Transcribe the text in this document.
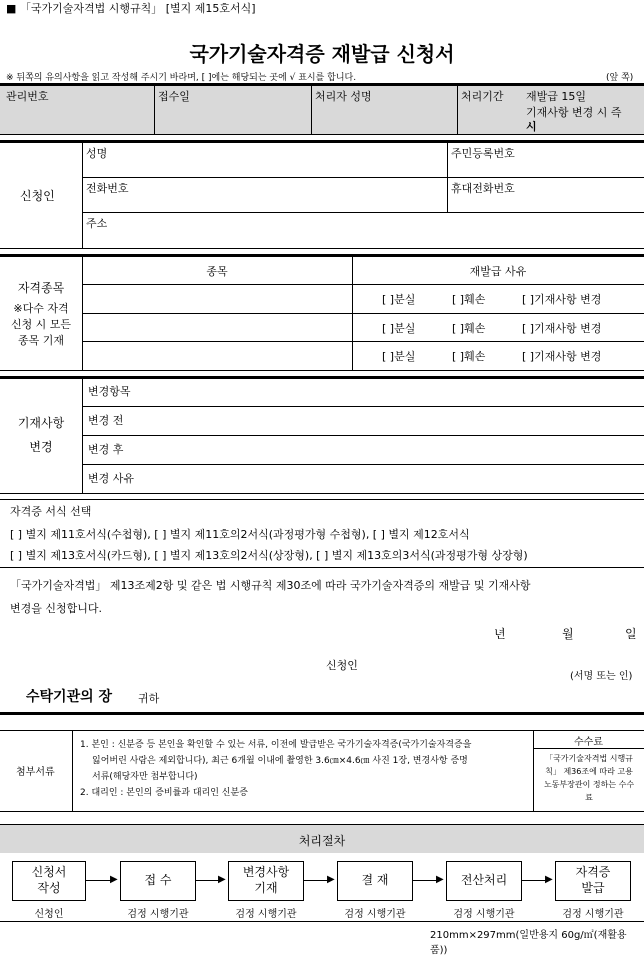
■ 「국가기술자격법 시행규칙」 [별지 제15호서식]
국가기술자격증 재발급 신청서
※ 뒤쪽의 유의사항을 읽고 작성해 주시기 바라며, [ ]에는 해당되는 곳에 √ 표시를 합니다.	(앞 쪽)
관리번호	접수일	처리자 성명	처리기간 재발급 15일
기재사항 변경 시 즉
시
신청인
성명	주민등록번호
전화번호	휴대전화번호
주소
자격종목
※다수 자격
신청 시 모든
종목 기재
종목	재발급 사유
[ ]분실	[ ]훼손	[ ]기재사항 변경
[ ]분실	[ ]훼손	[ ]기재사항 변경
[ ]분실	[ ]훼손	[ ]기재사항 변경
기재사항
변경
변경항목
변경 전
변경 후
변경 사유
자격증 서식 선택
[ ] 별지 제11호서식(수첩형), [ ] 별지 제11호의2서식(과정평가형 수첩형), [ ] 별지 제12호서식
[ ] 별지 제13호서식(카드형), [ ] 별지 제13호의2서식(상장형), [ ] 별지 제13호의3서식(과정평가형 상장형)
「국가기술자격법」 제13조제2항 및 같은 법 시행규칙 제30조에 따라 국가기술자격증의 재발급 및 기재사항
변경을 신청합니다.
년	월	일
신청인
(서명 또는 인)
수탁기관의 장 귀하
첨부서류
1. 본인 : 신분증 등 본인을 확인할 수 있는 서류, 이전에 발급받은 국가기술자격증(국가기술자격증을
잃어버린 사람은 제외합니다), 최근 6개월 이내에 촬영한 3.6㎝×4.6㎝ 사진 1장, 변경사항 증명
서류(해당자만 첨부합니다)
2. 대리인 : 본인의 증비률과 대리인 신분증
수수료
「국가기술자격법 시행규
칙」 제36조에 따라 고용
노동부장관이 정하는 수수
료
처리절차
신청서
작성
접 수
변경사항
기재
결 재	전산처리
자격증
발급
▶	▶	▶	▶	▶
신청인	검정 시행기관	검정 시행기관	검정 시행기관	검정 시행기관	검정 시행기관
210mm×297mm(일반용지 60g/㎡(재활용품))
